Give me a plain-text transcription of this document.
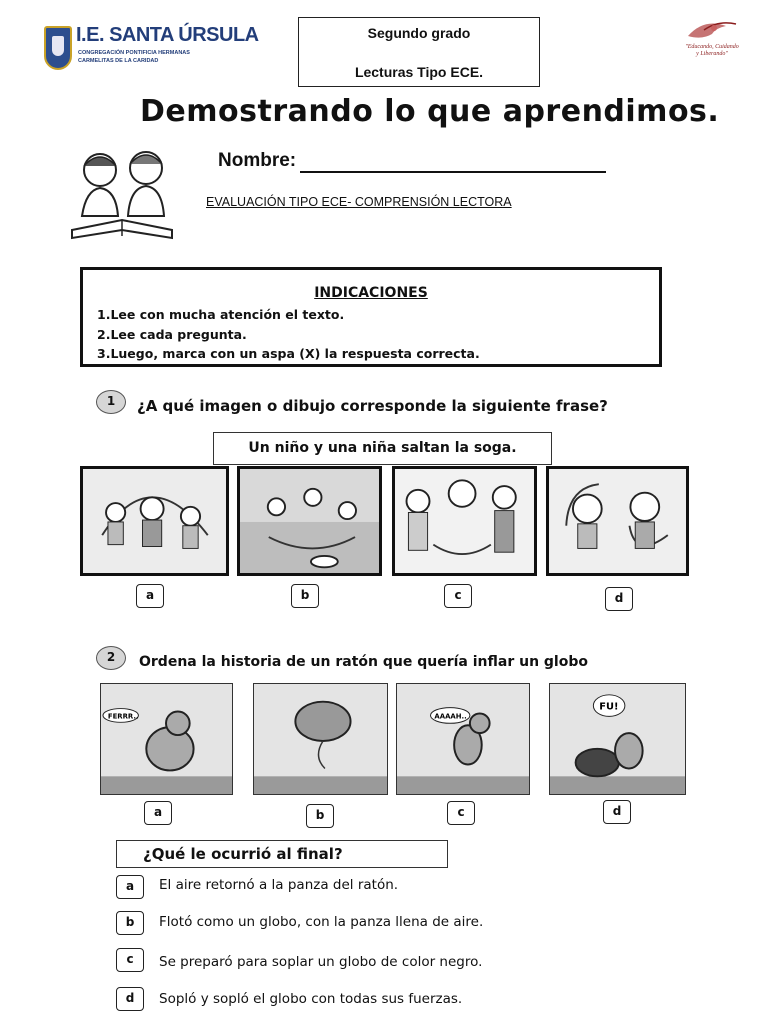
I.E. SANTA ÚRSULA
CONGREGACIÓN PONTIFICIA HERMANAS
CARMELITAS DE LA CARIDAD
Segundo grado
Lecturas Tipo ECE.
"Educando, Cuidando
y Liberando"
Demostrando lo que aprendimos.
Nombre:
EVALUACIÓN TIPO ECE- COMPRENSIÓN LECTORA
INDICACIONES
1.Lee con mucha atención el texto.
2.Lee cada pregunta.
3.Luego, marca con un aspa (X) la respuesta correcta.
1	¿A qué imagen o dibujo corresponde la siguiente frase?
Un niño y una niña saltan la soga.
a	b	c	d
2	Ordena la historia de un ratón que quería inflar un globo
FERRR..	AAAAH..
FU!
a	b	c	d
¿Qué le ocurrió al final?
a	El aire retornó a la panza del ratón.
b	Flotó como un globo, con la panza llena de aire.
c	Se preparó para soplar un globo de color negro.
d	Sopló y sopló el globo con todas sus fuerzas.
